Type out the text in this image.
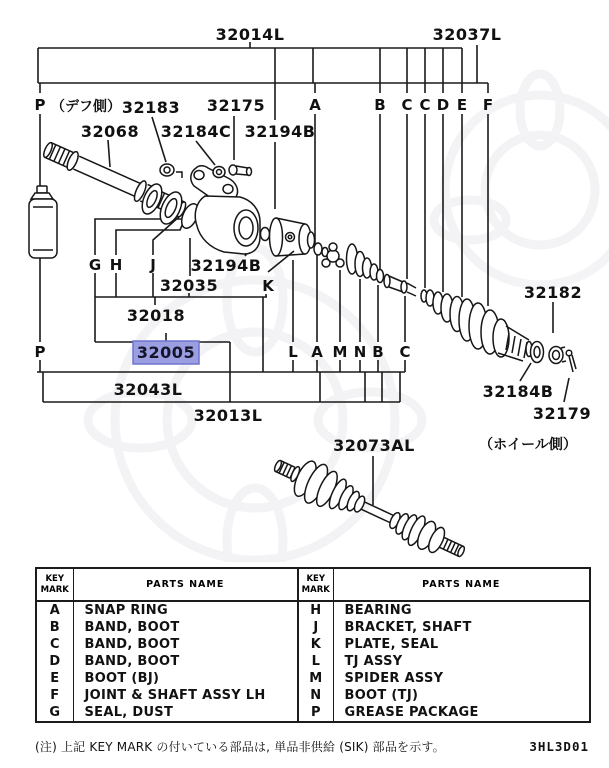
32014L	32037L
P	A	B C C D E F
（デフ側） 32183 32175
32068 32184C 32194B
G H J
K
32194B
32035
32018
32005
P	L A M N B C
32043L
32013L
32182
32184B
32179
（ホイール側）
32073AL
KEY
MARK	PARTS NAME	
KEY
MARK	PARTS NAME
A	SNAP RING	H	BEARING
B	BAND, BOOT	J	BRACKET, SHAFT
C	BAND, BOOT	K	PLATE, SEAL
D	BAND, BOOT	L	TJ ASSY
E	BOOT (BJ)	M	SPIDER ASSY
F	JOINT & SHAFT ASSY LH	N	BOOT (TJ)
G	SEAL, DUST	P	GREASE PACKAGE
(注) 上記 KEY MARK の付いている部品は, 単品非供給 (SIK) 部品を示す。	3HL3D01
